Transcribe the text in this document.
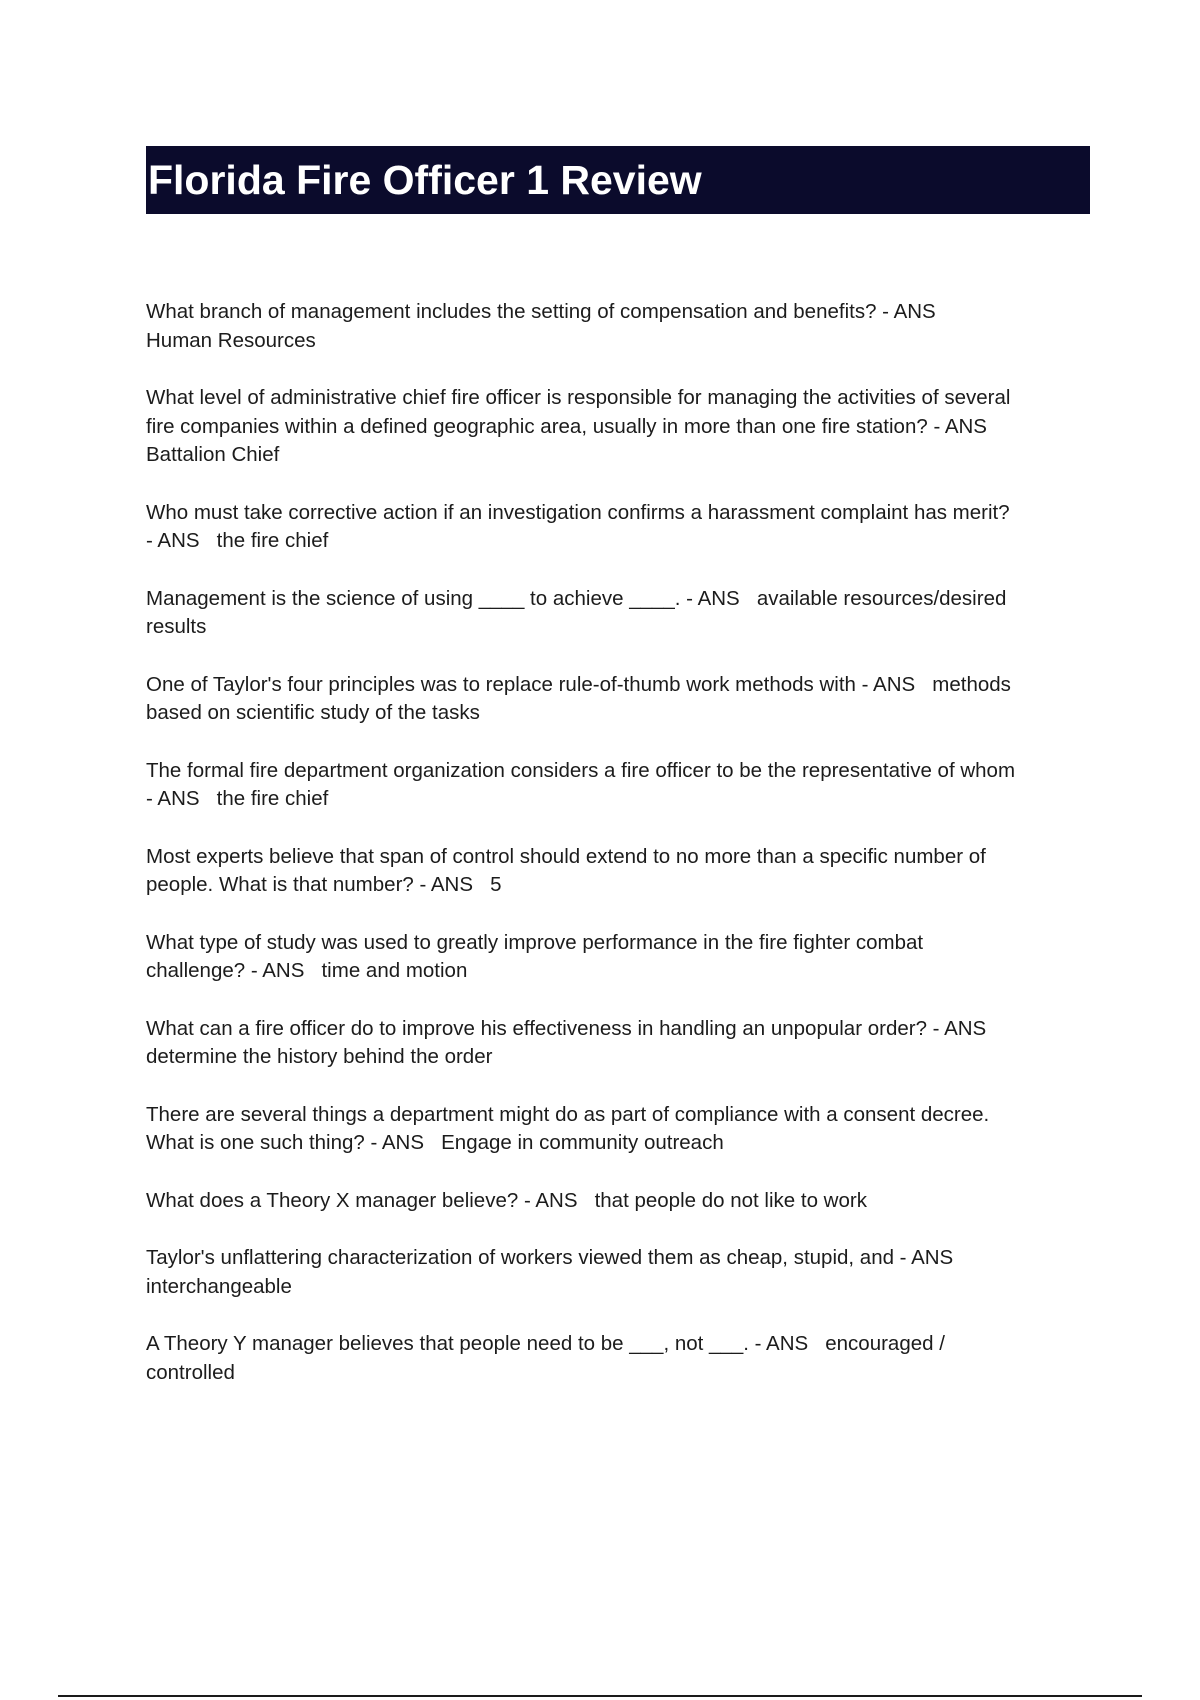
Florida Fire Officer 1 Review

What branch of management includes the setting of compensation and benefits? - ANS
Human Resources

What level of administrative chief fire officer is responsible for managing the activities of several
fire companies within a defined geographic area, usually in more than one fire station? - ANS
Battalion Chief

Who must take corrective action if an investigation confirms a harassment complaint has merit?
- ANS   the fire chief

Management is the science of using ____ to achieve ____. - ANS   available resources/desired
results

One of Taylor's four principles was to replace rule-of-thumb work methods with - ANS   methods
based on scientific study of the tasks

The formal fire department organization considers a fire officer to be the representative of whom
- ANS   the fire chief

Most experts believe that span of control should extend to no more than a specific number of
people. What is that number? - ANS   5

What type of study was used to greatly improve performance in the fire fighter combat
challenge? - ANS   time and motion

What can a fire officer do to improve his effectiveness in handling an unpopular order? - ANS
determine the history behind the order

There are several things a department might do as part of compliance with a consent decree.
What is one such thing? - ANS   Engage in community outreach

What does a Theory X manager believe? - ANS   that people do not like to work

Taylor's unflattering characterization of workers viewed them as cheap, stupid, and - ANS
interchangeable

A Theory Y manager believes that people need to be ___, not ___. - ANS   encouraged /
controlled
